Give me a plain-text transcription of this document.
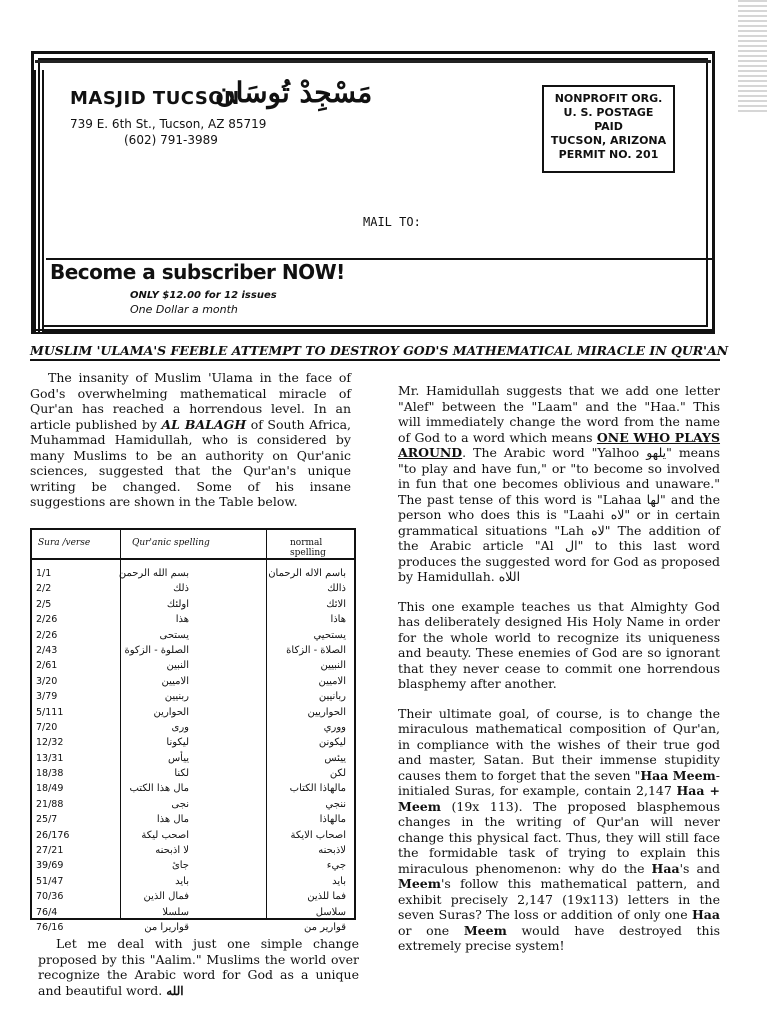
MASJID TUCSON
مَسْجِدْ تُوسَان
739 E. 6th St., Tucson, AZ 85719
(602) 791-3989
NONPROFIT ORG.
U. S. POSTAGE
PAID
TUCSON, ARIZONA
PERMIT NO. 201
MAIL TO:
Become a subscriber NOW!
ONLY $12.00 for 12 issues
One Dollar a month
MUSLIM 'ULAMA'S FEEBLE ATTEMPT TO DESTROY GOD'S MATHEMATICAL MIRACLE IN QUR'AN

The insanity of Muslim 'Ulama in the face of God's overwhelming mathematical miracle of Qur'an has reached a horrendous level. In an article published by AL BALAGH of South Africa, Muhammad Hamidullah, who is considered by many Muslims to be an authority on Qur'anic sciences, suggested that the Qur'an's unique writing be changed. Some of his insane suggestions are shown in the Table below.

Sura /verse	Qur'anic spelling	normal spelling
1/1	بسم الله الرحمن	باسم الاله الرحمان
2/2	ذلك	ذالك
2/5	اولئك	الائك
2/26	هذا	هاذا
2/26	يستحى	يستحيي
2/43	الصلوة - الزكوة	الصلاة - الزكاة
2/61	النبين	النبيين
3/20	الاميين	الاميين
3/79	ربنيين	ربانيين
5/111	الحوارين	الحواريين
7/20	ورى	ووري
12/32	ليكونا	ليكونن
13/31	ييأس	ييئس
18/38	لكنا	لكن
18/49	مال هذا الكتب	مالهاذا الكتاب
21/88	نجى	ننجي
25/7	مال هذا	مالهاذا
26/176	اصحب ليكة	اصحاب الايكة
27/21	لا اذبحنه	لاذبحنه
39/69	جائ	جيء
51/47	بايد	بايد
70/36	فمال الذين	فما للذين
76/4	سلسلا	سلاسل
76/16	قواريرا من	قوارير من

Let me deal with just one simple change proposed by this "Aalim." Muslims the world over recognize the Arabic word for God as a unique and beautiful word. الله

Mr. Hamidullah suggests that we add one letter "Alef" between the "Laam" and the "Haa." This will immediately change the word from the name of God to a word which means ONE WHO PLAYS AROUND. The Arabic word "Yalhoo يلهو" means "to play and have fun," or "to become so involved in fun that one becomes oblivious and unaware." The past tense of this word is "Lahaa لها" and the person who does this is "Laahi لاه" or in certain grammatical situations "Lah لاه" The addition of the Arabic article "Al ال" to this last word produces the suggested word for God as proposed by Hamidullah. اللاه

This one example teaches us that Almighty God has deliberately designed His Holy Name in order for the whole world to recognize its uniqueness and beauty. These enemies of God are so ignorant that they never cease to commit one horrendous blasphemy after another.

Their ultimate goal, of course, is to change the miraculous mathematical composition of Qur'an, in compliance with the wishes of their true god and master, Satan. But their immense stupidity causes them to forget that the seven "Haa Meem-initialed Suras, for example, contain 2,147 Haa + Meem (19x 113). The proposed blasphemous changes in the writing of Qur'an will never change this physical fact. Thus, they will still face the formidable task of trying to explain this miraculous phenomenon: why do the Haa's and Meem's follow this mathematical pattern, and exhibit precisely 2,147 (19x113) letters in the seven Suras? The loss or addition of only one Haa or one Meem would have destroyed this extremely precise system!
